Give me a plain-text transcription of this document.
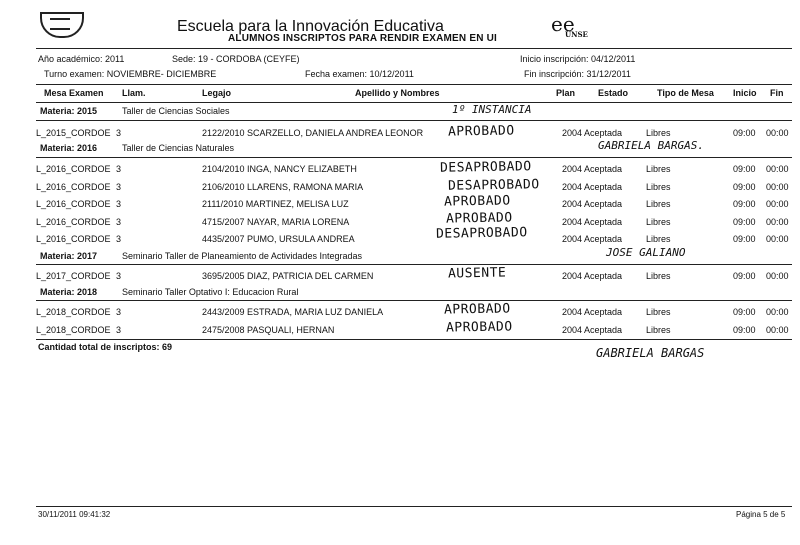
Escuela para la Innovación Educativa
ALUMNOS INSCRIPTOS PARA RENDIR EXAMEN EN UI
ee
UNSE
Año académico: 2011	Sede: 19 - CORDOBA (CEYFE)	Inicio inscripción: 04/12/2011
Turno examen: NOVIEMBRE- DICIEMBRE	Fecha examen: 10/12/2011	Fin inscripción: 31/12/2011
Mesa Examen Llam.	Legajo	Apellido y Nombres	Plan	Estado	Tipo de Mesa Inicio Fin
Materia: 2015	Taller de Ciencias Sociales	1º INSTANCIA
L_2015_CORDOE 3	2122/2010 SCARZELLO, DANIELA ANDREA LEONOR APROBADO	2004 Aceptada	Libres	09:00 00:00
Materia: 2016	Taller de Ciencias Naturales	GABRIELA BARGAS.
L_2016_CORDOE 3	2104/2010 INGA, NANCY ELIZABETH	DESAPROBADO	2004 Aceptada	Libres	09:00 00:00
L_2016_CORDOE 3	2106/2010 LLARENS, RAMONA MARIA	DESAPROBADO 2004 Aceptada	Libres	09:00 00:00
L_2016_CORDOE 3	2111/2010 MARTINEZ, MELISA LUZ	APROBADO	2004 Aceptada	Libres	09:00 00:00
L_2016_CORDOE 3	4715/2007 NAYAR, MARIA LORENA	APROBADO	2004 Aceptada	Libres	09:00 00:00
L_2016_CORDOE 3	4435/2007 PUMO, URSULA ANDREA	DESAPROBADO	2004 Aceptada	Libres	09:00 00:00
Materia: 2017	Seminario Taller de Planeamiento de Actividades Integradas	JOSE GALIANO
L_2017_CORDOE 3	3695/2005 DIAZ, PATRICIA DEL CARMEN	AUSENTE	2004 Aceptada	Libres	09:00 00:00
Materia: 2018	Seminario Taller Optativo I: Educacion Rural
L_2018_CORDOE 3	2443/2009 ESTRADA, MARIA LUZ DANIELA	APROBADO	2004 Aceptada	Libres	09:00 00:00
L_2018_CORDOE 3	2475/2008 PASQUALI, HERNAN	APROBADO	2004 Aceptada	Libres	09:00 00:00
Cantidad total de inscriptos: 69	GABRIELA BARGAS
30/11/2011 09:41:32	Página 5 de 5
